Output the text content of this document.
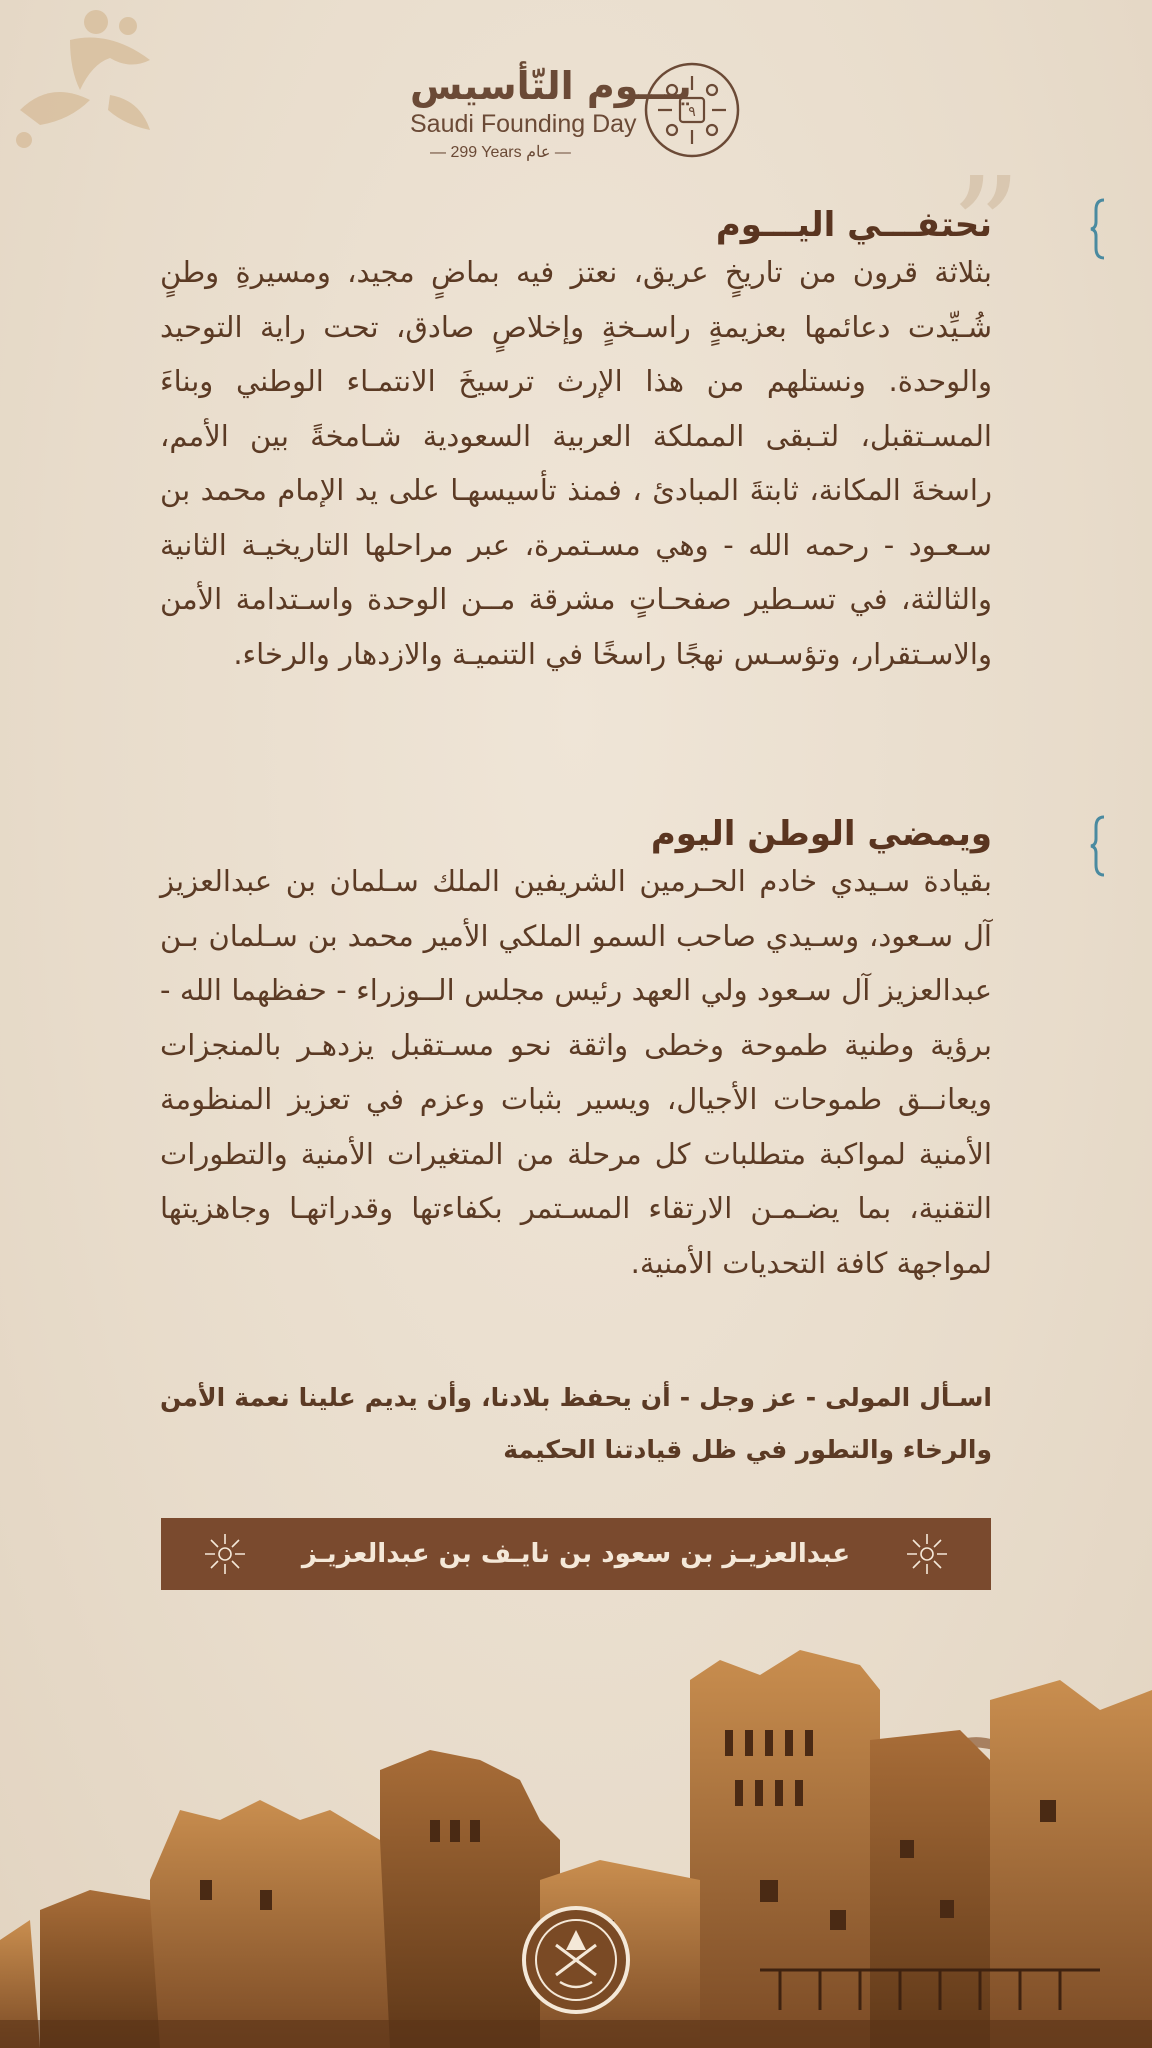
يـــوم التّأسيس
Saudi Founding Day
— 299 Years عام —
٩
”
نحتفـــي اليـــوم

بثلاثة قرون من تاريخٍ عريق، نعتز فيه بماضٍ مجيد، ومسيرةِ وطنٍ شُـيِّدت دعائمها بعزيمةٍ راسـخةٍ وإخلاصٍ صادق، تحت راية التوحيد والوحدة. ونستلهم من هذا الإرث ترسيخَ الانتمـاء الوطني وبناءَ المسـتقبل، لتـبقى المملكة العربية السعودية شـامخةً بين الأمم، راسخةَ المكانة، ثابتةَ المبادئ ، فمنذ تأسيسهـا على يد الإمام محمد بن سـعـود - رحمه الله - وهي مسـتمرة، عبر مراحلها التاريخيـة الثانية والثالثة، في تسـطير صفحـاتٍ مشرقة مــن الوحدة واسـتدامة الأمن والاسـتقرار، وتؤسـس نهجًا راسخًا في التنميـة والازدهار والرخاء.

ويمضي الوطن اليوم

بقيادة سـيدي خادم الحـرمين الشريفين الملك سـلمان بن عبدالعزيز آل سـعود، وسـيدي صاحب السمو الملكي الأمير محمد بن سـلمان بـن عبدالعزيز آل سـعود ولي العهد رئيس مجلس الــوزراء - حفظهما الله - برؤية وطنية طموحة وخطى واثقة نحو مسـتقبل يزدهـر بالمنجزات ويعانــق طموحات الأجيال، ويسير بثبات وعزم في تعزيز المنظومة الأمنية لمواكبة متطلبات كل مرحلة من المتغيرات الأمنية والتطورات التقنية، بما يضـمـن الارتقاء المسـتمر بكفاءتها وقدراتهـا وجاهزيتها لمواجهة كافة التحديات الأمنية.

اسـأل المولى - عز وجل - أن يحفظ بلادنا، وأن يديم علينا نعمة الأمن والرخاء والتطور في ظل قيادتنا الحكيمة

عبدالعزيـز بن سعود بن نايـف بن عبدالعزيـز
